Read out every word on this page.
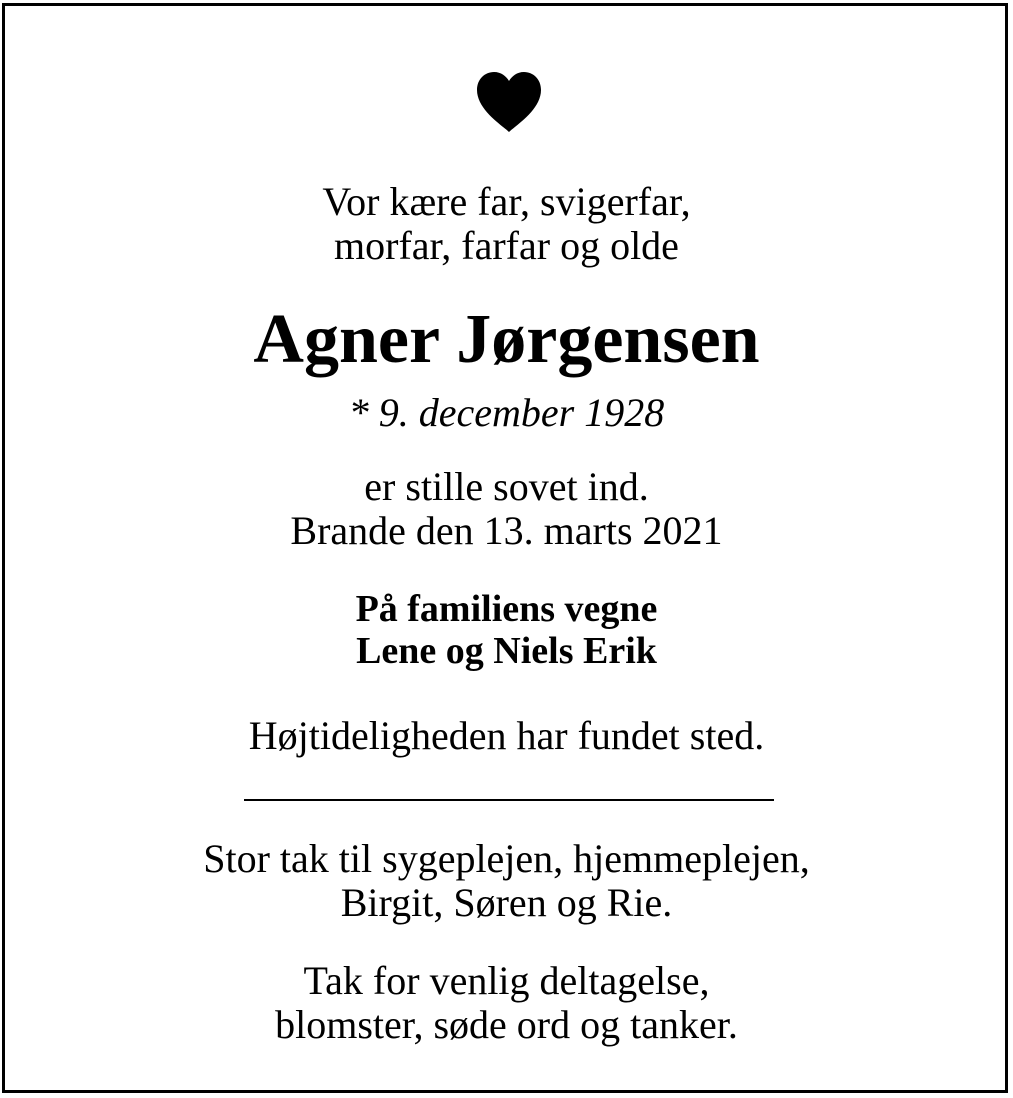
Vor kære far, svigerfar,
morfar, farfar og olde
Agner Jørgensen
* 9. december 1928
er stille sovet ind.
Brande den 13. marts 2021
På familiens vegne
Lene og Niels Erik
Højtideligheden har fundet sted.
Stor tak til sygeplejen, hjemmeplejen,
Birgit, Søren og Rie.
Tak for venlig deltagelse,
blomster, søde ord og tanker.
